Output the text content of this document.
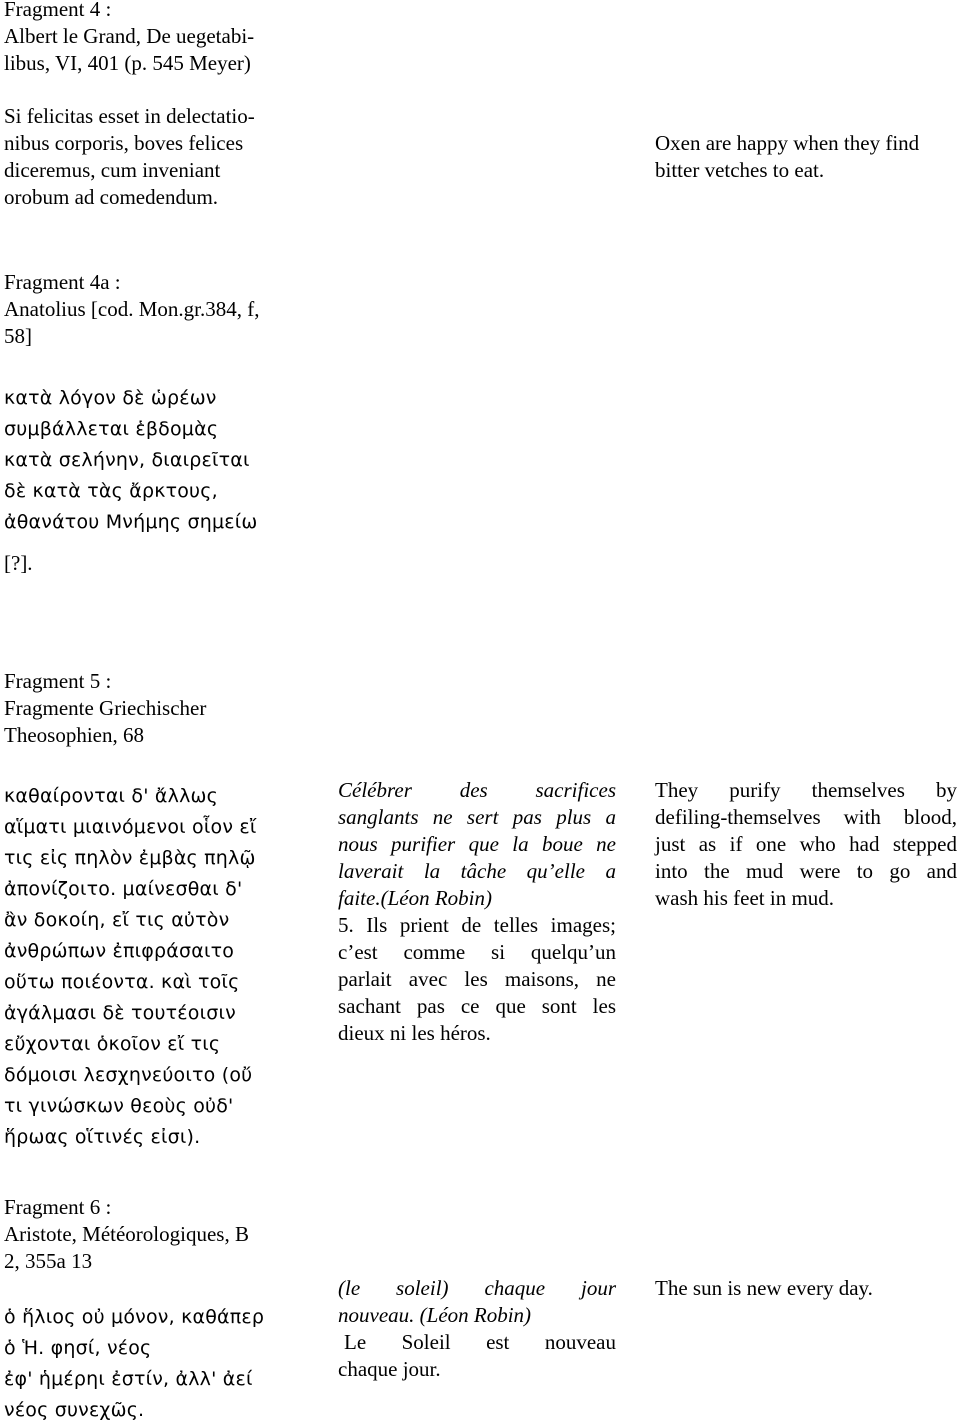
Fragment 4 :
Albert le Grand, De uegetabi-
libus, VI, 401 (p. 545 Meyer)
Si felicitas esset in delectatio-
nibus corporis, boves felices
diceremus, cum inveniant
orobum ad comedendum.
Oxen are happy when they find
bitter vetches to eat.
Fragment 4a :
Anatolius [cod. Mon.gr.384, f,
58]
κατὰ λόγον δὲ ὡρέων
συμβάλλεται ἑβδομὰς
κατὰ σελήνην, διαιρεῖται
δὲ κατὰ τὰς ἄρκτους,
ἀθανάτου Μνήμης σημείω
[?].
Fragment 5 :
Fragmente Griechischer
Theosophien, 68
καθαίρονται δ' ἄλλως
αἵματι μιαινόμενοι οἷον εἴ
τις εἰς πηλὸν ἐμβὰς πηλῷ
ἀπονίζοιτο. μαίνεσθαι δ'
ἂν δοκοίη, εἴ τις αὐτὸν
ἀνθρώπων ἐπιφράσαιτο
οὕτω ποιέοντα. καὶ τοῖς
ἀγάλμασι δὲ τουτέοισιν
εὔχονται ὁκοῖον εἴ τις
δόμοισι λεσχηνεύοιτο (οὔ
τι γινώσκων θεοὺς οὐδ'
ἥρωας οἵτινές εἰσι).
Célébrer des sacrifices
sanglants ne sert pas plus a
nous purifier que la boue ne
laverait la tâche qu’elle a
faite.(Léon Robin)
5. Ils prient de telles images;
c’est comme si quelqu’un
parlait avec les maisons, ne
sachant pas ce que sont les
dieux ni les héros.
They purify themselves by
defiling-themselves with blood,
just as if one who had stepped
into the mud were to go and
wash his feet in mud.
Fragment 6 :
Aristote, Météorologiques, B
2, 355a 13
ὁ ἥλιος οὐ μόνον, καθάπερ
ὁ Ἡ. φησί, νέος
ἐφ' ἡμέρηι ἐστίν, ἀλλ' ἀεί
νέος συνεχῶς.
(le soleil) chaque jour
nouveau. (Léon Robin)
Le Soleil est nouveau
chaque jour.
The sun is new every day.
